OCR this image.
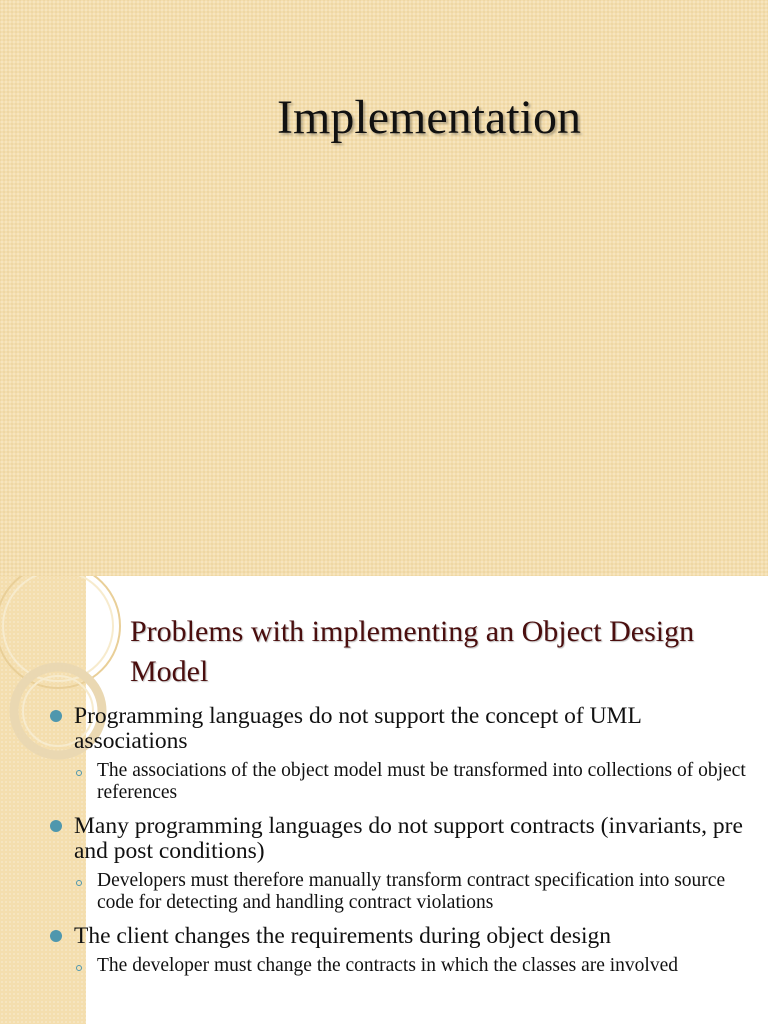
Implementation
Problems with implementing an Object Design Model
Programming languages do not support the concept of UML associations
The associations of the object model must be transformed into collections of object references
Many programming languages do not support contracts (invariants, pre and post conditions)
Developers must therefore manually transform contract specification into source code for detecting and handling contract violations
The client changes the requirements during object design
The developer must change the contracts in which the classes are involved
